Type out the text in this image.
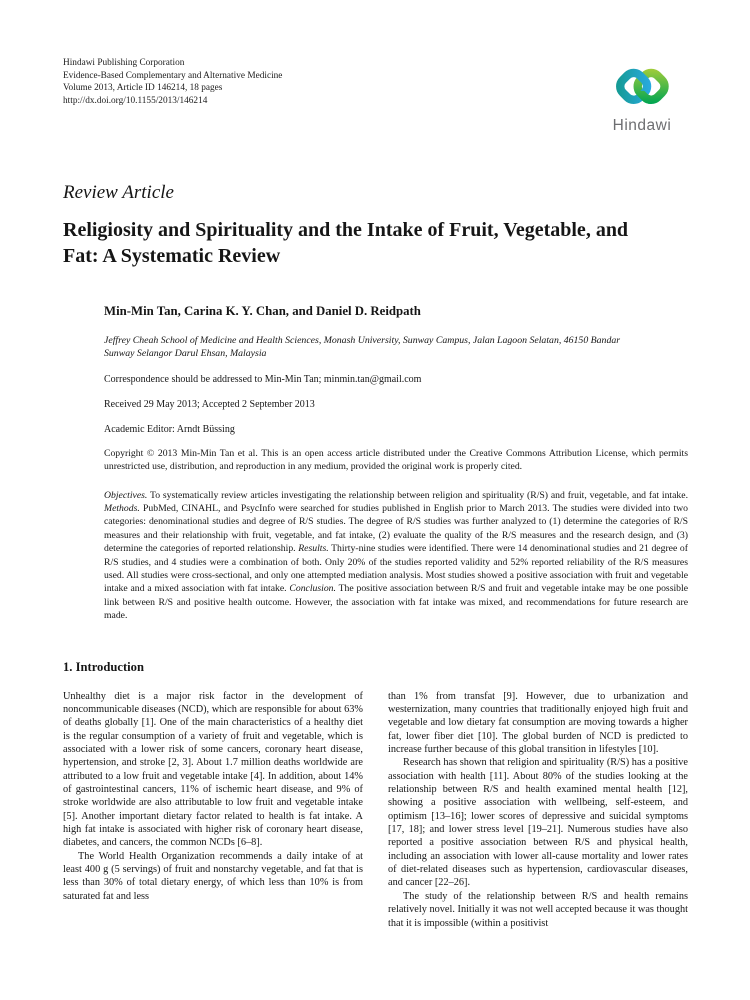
Hindawi Publishing Corporation
Evidence-Based Complementary and Alternative Medicine
Volume 2013, Article ID 146214, 18 pages
http://dx.doi.org/10.1155/2013/146214
Hindawi
Review Article
Religiosity and Spirituality and the Intake of Fruit, Vegetable, and Fat: A Systematic Review
Min-Min Tan, Carina K. Y. Chan, and Daniel D. Reidpath
Jeffrey Cheah School of Medicine and Health Sciences, Monash University, Sunway Campus, Jalan Lagoon Selatan, 46150 Bandar Sunway Selangor Darul Ehsan, Malaysia
Correspondence should be addressed to Min-Min Tan; minmin.tan@gmail.com
Received 29 May 2013; Accepted 2 September 2013
Academic Editor: Arndt Büssing
Copyright © 2013 Min-Min Tan et al. This is an open access article distributed under the Creative Commons Attribution License, which permits unrestricted use, distribution, and reproduction in any medium, provided the original work is properly cited.
Objectives. To systematically review articles investigating the relationship between religion and spirituality (R/S) and fruit, vegetable, and fat intake. Methods. PubMed, CINAHL, and PsycInfo were searched for studies published in English prior to March 2013. The studies were divided into two categories: denominational studies and degree of R/S studies. The degree of R/S studies was further analyzed to (1) determine the categories of R/S measures and their relationship with fruit, vegetable, and fat intake, (2) evaluate the quality of the R/S measures and the research design, and (3) determine the categories of reported relationship. Results. Thirty-nine studies were identified. There were 14 denominational studies and 21 degree of R/S studies, and 4 studies were a combination of both. Only 20% of the studies reported validity and 52% reported reliability of the R/S measures used. All studies were cross-sectional, and only one attempted mediation analysis. Most studies showed a positive association with fruit and vegetable intake and a mixed association with fat intake. Conclusion. The positive association between R/S and fruit and vegetable intake may be one possible link between R/S and positive health outcome. However, the association with fat intake was mixed, and recommendations for future research are made.
1. Introduction

Unhealthy diet is a major risk factor in the development of noncommunicable diseases (NCD), which are responsible for about 63% of deaths globally [1]. One of the main characteristics of a healthy diet is the regular consumption of a variety of fruit and vegetable, which is associated with a lower risk of some cancers, coronary heart disease, hypertension, and stroke [2, 3]. About 1.7 million deaths worldwide are attributed to a low fruit and vegetable intake [4]. In addition, about 14% of gastrointestinal cancers, 11% of ischemic heart disease, and 9% of stroke worldwide are also attributable to low fruit and vegetable intake [5]. Another important dietary factor related to health is fat intake. A high fat intake is associated with higher risk of coronary heart disease, diabetes, and cancers, the common NCDs [6–8].

The World Health Organization recommends a daily intake of at least 400 g (5 servings) of fruit and nonstarchy vegetable, and fat that is less than 30% of total dietary energy, of which less than 10% is from saturated fat and less

than 1% from transfat [9]. However, due to urbanization and westernization, many countries that traditionally enjoyed high fruit and vegetable and low dietary fat consumption are moving towards a higher fat, lower fiber diet [10]. The global burden of NCD is predicted to increase further because of this global transition in lifestyles [10].

Research has shown that religion and spirituality (R/S) has a positive association with health [11]. About 80% of the studies looking at the relationship between R/S and health examined mental health [12], showing a positive association with wellbeing, self-esteem, and optimism [13–16]; lower scores of depressive and suicidal symptoms [17, 18]; and lower stress level [19–21]. Numerous studies have also reported a positive association between R/S and physical health, including an association with lower all-cause mortality and lower rates of diet-related diseases such as hypertension, cardiovascular diseases, and cancer [22–26].

The study of the relationship between R/S and health remains relatively novel. Initially it was not well accepted because it was thought that it is impossible (within a positivist
